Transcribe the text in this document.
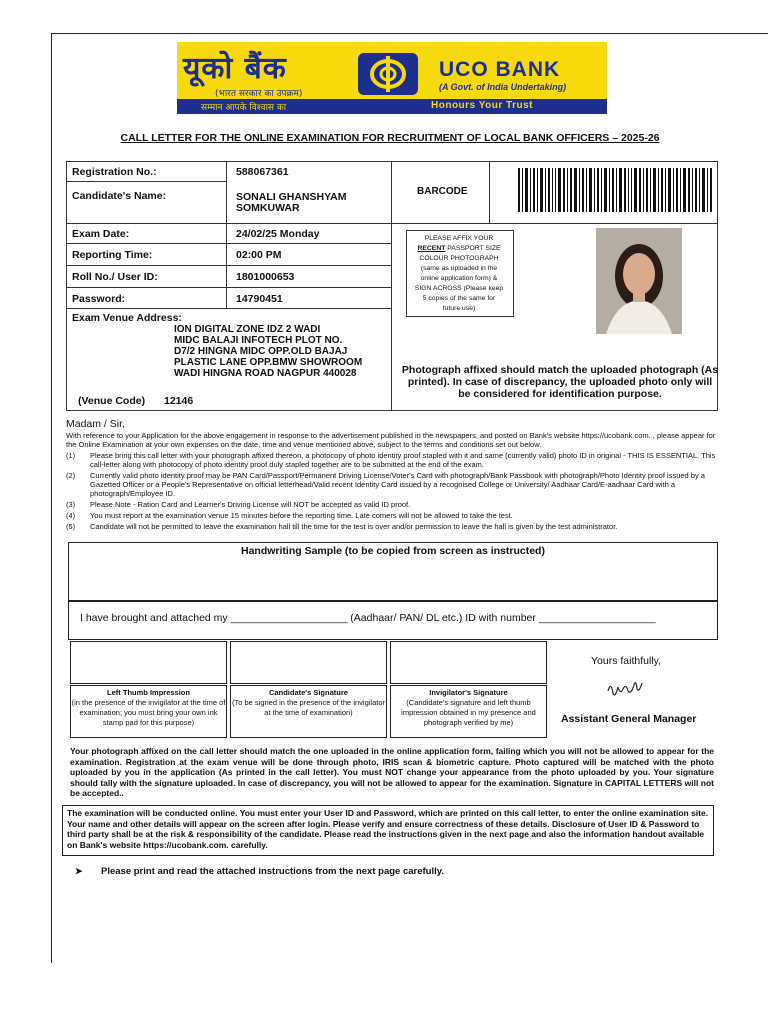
यूको बैंक
(भारत सरकार का उपक्रम)
UCO BANK
(A Govt. of India Undertaking)
सम्मान आपके विश्वास का	Honours Your Trust
CALL LETTER FOR THE ONLINE EXAMINATION FOR RECRUITMENT OF LOCAL BANK OFFICERS – 2025-26
Registration No.:	588067361
Candidate's Name:	SONALI GHANSHYAM
SOMKUWAR
BARCODE
Exam Date:	24/02/25 Monday
Reporting Time:	02:00 PM
Roll No./ User ID:	1801000653
Password:	14790451
Exam Venue Address:
ION DIGITAL ZONE IDZ 2 WADI
MIDC BALAJI INFOTECH PLOT NO.
D7/2 HINGNA MIDC OPP.OLD BAJAJ
PLASTIC LANE OPP.BMW SHOWROOM
WADI HINGNA ROAD NAGPUR 440028
(Venue Code) 12146
PLEASE AFFIX YOUR
RECENT PASSPORT SIZE
COLOUR PHOTOGRAPH
(same as uploaded in the
online application form) &
SIGN ACROSS (Please keep
5 copies of the same for
future use)
Photograph affixed should match the uploaded photograph (As printed). In case of discrepancy, the uploaded photo only will be considered for identification purpose.
Madam / Sir,
With reference to your Application for the above engagement in response to the advertisement published in the newspapers, and posted on Bank's website https://ucobank.com. , please appear for the Online Examination at your own expenses on the date, time and venue mentioned above, subject to the terms and conditions set out below.
(1) Please bring this call letter with your photograph affixed thereon, a photocopy of photo identity proof stapled with it and same (currently valid) photo ID in original - THIS IS ESSENTIAL. This call-letter along with photocopy of photo identity proof duly stapled together are to be submitted at the end of the exam.
(2) Currently valid photo identity proof may be PAN Card/Passport/Permanent Driving License/Voter's Card with photograph/Bank Passbook with photograph/Photo Identity proof issued by a Gazetted Officer or a People's Representative on official letterhead/Valid recent Identity Card issued by a recognised College or University/ Aadhaar Card/E-aadhaar Card with a photograph/Employee ID.
(3) Please Note - Ration Card and Learner's Driving License will NOT be accepted as valid ID proof.
(4) You must report at the examination venue 15 minutes before the reporting time. Late comers will not be allowed to take the test.
(5) Candidate will not be permitted to leave the examination hall till the time for the test is over and/or permission to leave the hall is given by the test administrator.
Handwriting Sample (to be copied from screen as instructed)
I have brought and attached my ____________________ (Aadhaar/ PAN/ DL etc.) ID with number ____________________
Left Thumb Impression
(in the presence of the invigilator at the time of examination; you must bring your own ink stamp pad for this purpose)
Candidate's Signature
(To be signed in the presence of the invigilator at the time of examination)
Invigilator's Signature
(Candidate's signature and left thumb impression obtained in my presence and photograph verified by me)
Yours faithfully,
Assistant General Manager
Your photograph affixed on the call letter should match the one uploaded in the online application form, failing which you will not be allowed to appear for the examination. Registration at the exam venue will be done through photo, IRIS scan & biometric capture. Photo captured will be matched with the photo uploaded by you in the application (As printed in the call letter). You must NOT change your appearance from the photo uploaded by you. Your signature should tally with the signature uploaded. In case of discrepancy, you will not be allowed to appear for the examination. Signature in CAPITAL LETTERS will not be accepted..
The examination will be conducted online. You must enter your User ID and Password, which are printed on this call letter, to enter the online examination site. Your name and other details will appear on the screen after login. Please verify and ensure correctness of these details. Disclosure of User ID & Password to third party shall be at the risk & responsibility of the candidate. Please read the instructions given in the next page and also the information handout available on Bank's website https://ucobank.com. carefully.
➤ Please print and read the attached instructions from the next page carefully.
